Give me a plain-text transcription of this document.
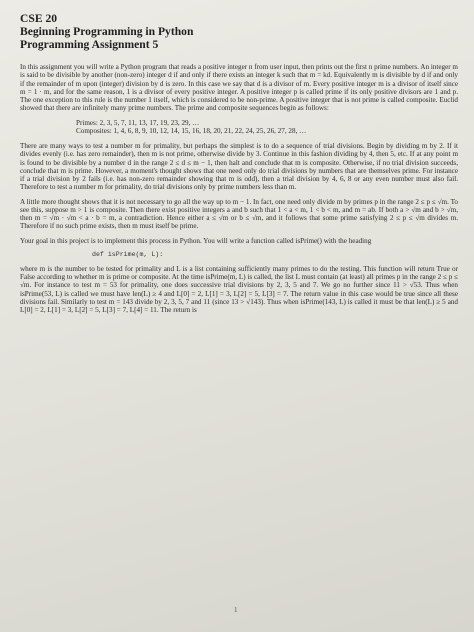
CSE 20

Beginning Programming in Python

Programming Assignment 5

In this assignment you will write a Python program that reads a positive integer n from user input, then prints out the first n prime numbers. An integer m is said to be divisible by another (non-zero) integer d if and only if there exists an integer k such that m = kd. Equivalently m is divisible by d if and only if the remainder of m upon (integer) division by d is zero. In this case we say that d is a divisor of m. Every positive integer m is a divisor of itself since m = 1 · m, and for the same reason, 1 is a divisor of every positive integer. A positive integer p is called prime if its only positive divisors are 1 and p. The one exception to this rule is the number 1 itself, which is considered to be non-prime. A positive integer that is not prime is called composite. Euclid showed that there are infinitely many prime numbers. The prime and composite sequences begin as follows:

Primes: 2, 3, 5, 7, 11, 13, 17, 19, 23, 29, …
Composites: 1, 4, 6, 8, 9, 10, 12, 14, 15, 16, 18, 20, 21, 22, 24, 25, 26, 27, 28, …

There are many ways to test a number m for primality, but perhaps the simplest is to do a sequence of trial divisions. Begin by dividing m by 2. If it divides evenly (i.e. has zero remainder), then m is not prime, otherwise divide by 3. Continue in this fashion dividing by 4, then 5, etc. If at any point m is found to be divisible by a number d in the range 2 ≤ d ≤ m − 1, then halt and conclude that m is composite. Otherwise, if no trial division succeeds, conclude that m is prime. However, a moment's thought shows that one need only do trial divisions by numbers that are themselves prime. For instance if a trial division by 2 fails (i.e. has non-zero remainder showing that m is odd), then a trial division by 4, 6, 8 or any even number must also fail. Therefore to test a number m for primality, do trial divisions only by prime numbers less than m.

A little more thought shows that it is not necessary to go all the way up to m − 1. In fact, one need only divide m by primes p in the range 2 ≤ p ≤ √m. To see this, suppose m > 1 is composite. Then there exist positive integers a and b such that 1 < a < m, 1 < b < m, and m = ab. If both a > √m and b > √m, then m = √m · √m < a · b = m, a contradiction. Hence either a ≤ √m or b ≤ √m, and it follows that some prime satisfying 2 ≤ p ≤ √m divides m. Therefore if no such prime exists, then m must itself be prime.

Your goal in this project is to implement this process in Python. You will write a function called isPrime() with the heading

def isPrime(m, L):

where m is the number to be tested for primality and L is a list containing sufficiently many primes to do the testing. This function will return True or False according to whether m is prime or composite. At the time isPrime(m, L) is called, the list L must contain (at least) all primes p in the range 2 ≤ p ≤ √m. For instance to test m = 53 for primality, one does successive trial divisions by 2, 3, 5 and 7. We go no further since 11 > √53. Thus when isPrime(53, L) is called we must have len(L) ≥ 4 and L[0] = 2, L[1] = 3, L[2] = 5, L[3] = 7. The return value in this case would be true since all these divisions fail. Similarly to test m = 143 divide by 2, 3, 5, 7 and 11 (since 13 > √143). Thus when isPrime(143, L) is called it must be that len(L) ≥ 5 and L[0] = 2, L[1] = 3, L[2] = 5, L[3] = 7, L[4] = 11. The return is

1
